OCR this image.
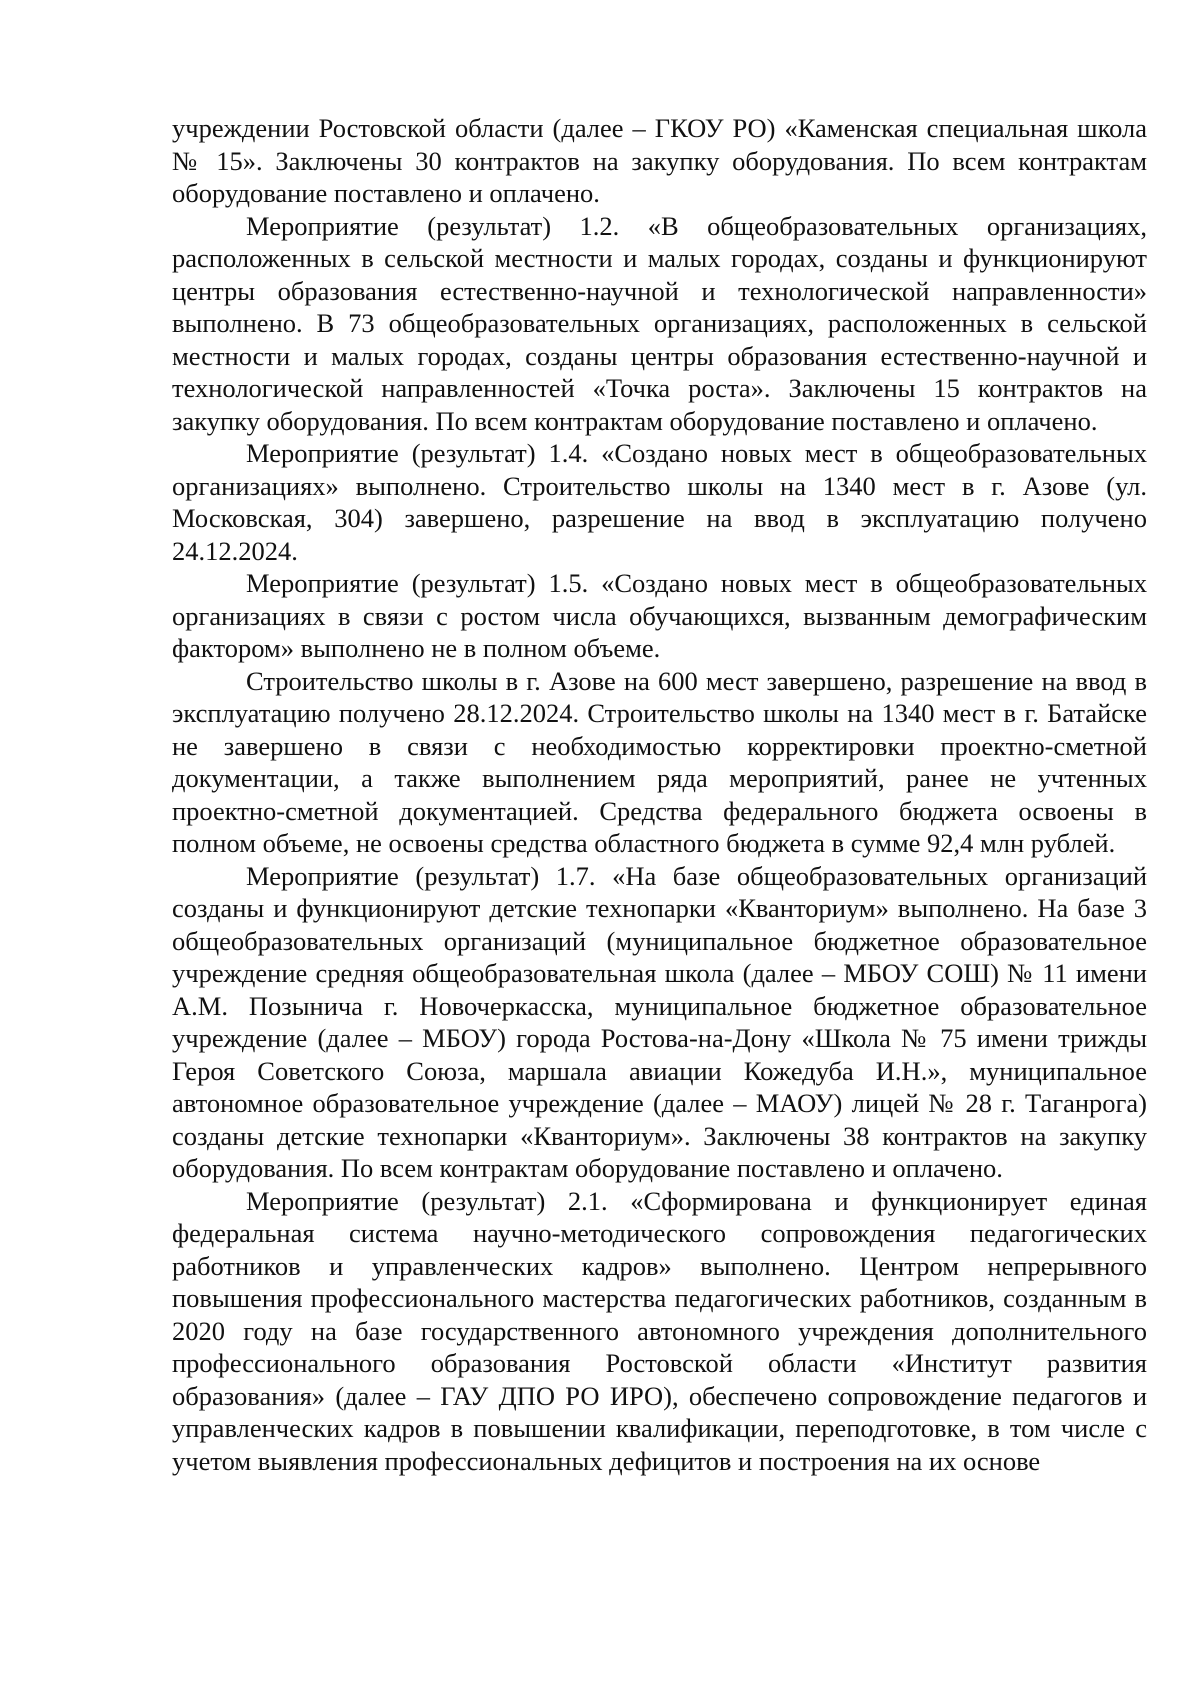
учреждении Ростовской области (далее – ГКОУ РО) «Каменская специальная школа № 15». Заключены 30 контрактов на закупку оборудования. По всем контрактам оборудование поставлено и оплачено.

Мероприятие (результат) 1.2. «В общеобразовательных организациях, расположенных в сельской местности и малых городах, созданы и функционируют центры образования естественно-научной и технологической направленности» выполнено. В 73 общеобразовательных организациях, расположенных в сельской местности и малых городах, созданы центры образования естественно-научной и технологической направленностей «Точка роста». Заключены 15 контрактов на закупку оборудования. По всем контрактам оборудование поставлено и оплачено.

Мероприятие (результат) 1.4. «Создано новых мест в общеобразовательных организациях» выполнено. Строительство школы на 1340 мест в г. Азове (ул. Московская, 304) завершено, разрешение на ввод в эксплуатацию получено 24.12.2024.

Мероприятие (результат) 1.5. «Создано новых мест в общеобразовательных организациях в связи с ростом числа обучающихся, вызванным демографическим фактором» выполнено не в полном объеме.

Строительство школы в г. Азове на 600 мест завершено, разрешение на ввод в эксплуатацию получено 28.12.2024. Строительство школы на 1340 мест в г. Батайске не завершено в связи с необходимостью корректировки проектно-сметной документации, а также выполнением ряда мероприятий, ранее не учтенных проектно-сметной документацией. Средства федерального бюджета освоены в полном объеме, не освоены средства областного бюджета в сумме 92,4 млн рублей.

Мероприятие (результат) 1.7. «На базе общеобразовательных организаций созданы и функционируют детские технопарки «Кванториум» выполнено. На базе 3 общеобразовательных организаций (муниципальное бюджетное образовательное учреждение средняя общеобразовательная школа (далее – МБОУ СОШ) № 11 имени А.М. Позынича г. Новочеркасска, муниципальное бюджетное образовательное учреждение (далее – МБОУ) города Ростова-на-Дону «Школа № 75 имени трижды Героя Советского Союза, маршала авиации Кожедуба И.Н.», муниципальное автономное образовательное учреждение (далее – МАОУ) лицей № 28 г. Таганрога) созданы детские технопарки «Кванториум». Заключены 38 контрактов на закупку оборудования. По всем контрактам оборудование поставлено и оплачено.

Мероприятие (результат) 2.1. «Сформирована и функционирует единая федеральная система научно-методического сопровождения педагогических работников и управленческих кадров» выполнено. Центром непрерывного повышения профессионального мастерства педагогических работников, созданным в 2020 году на базе государственного автономного учреждения дополнительного профессионального образования Ростовской области «Институт развития образования» (далее – ГАУ ДПО РО ИРО), обеспечено сопровождение педагогов и управленческих кадров в повышении квалификации, переподготовке, в том числе с учетом выявления профессиональных дефицитов и построения на их основе
